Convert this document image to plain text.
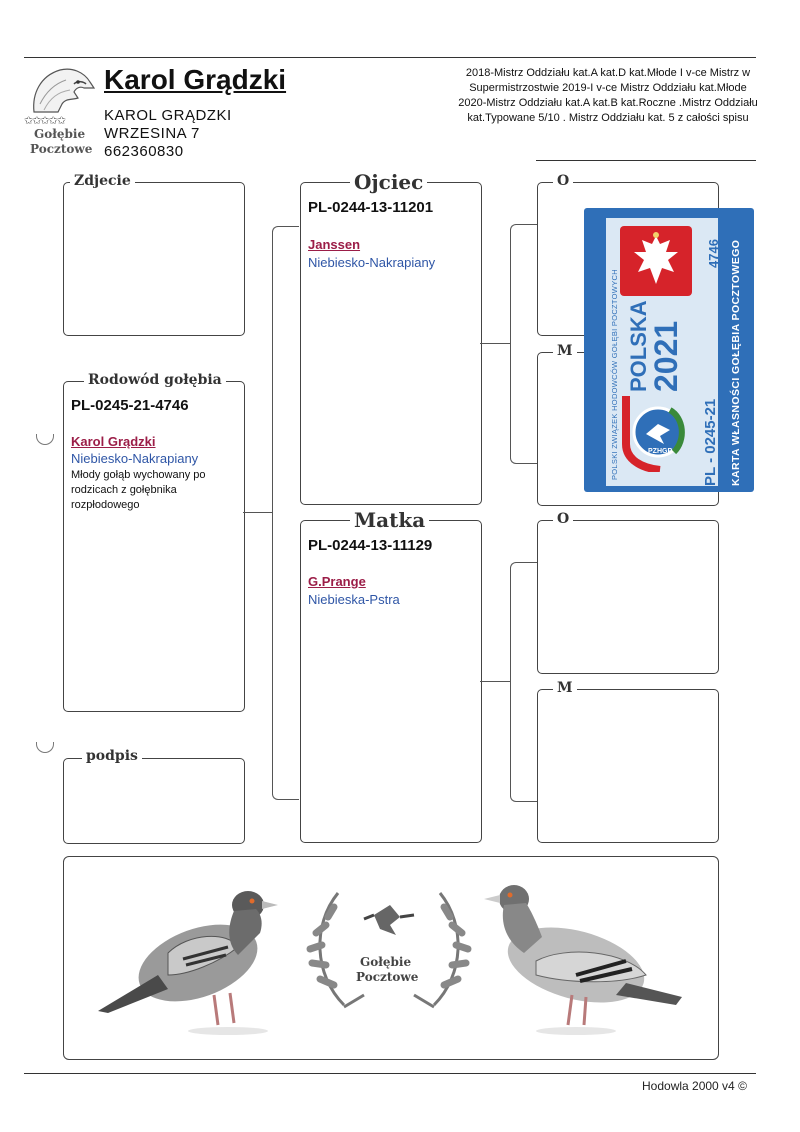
✩✩✩✩✩
Gołębie
Pocztowe
Karol Grądzki
KAROL GRĄDZKI
WRZESINA 7
662360830
2018-Mistrz Oddziału kat.A kat.D kat.Młode I v-ce Mistrz w Supermistrzostwie 2019-I v-ce Mistrz Oddziału kat.Młode 2020-Mistrz Oddziału kat.A kat.B kat.Roczne .Mistrz Oddziału kat.Typowane 5/10 . Mistrz Oddziału kat. 5 z całości spisu
Zdjecie
Rodowód gołębia
PL-0245-21-4746
Karol Grądzki
Niebiesko-Nakrapiany
Młody gołąb wychowany po rodzicach z gołębnika rozpłodowego
podpis
Ojciec
PL-0244-13-11201
Janssen
Niebiesko-Nakrapiany
Matka
PL-0244-13-11129
G.Prange
Niebieska-Pstra
O
M
O
M
POLSKI ZWIĄZEK HODOWCÓW GOŁĘBI POCZTOWYCH POLSKA
2021
4746
PL - 0245-21 KARTA WŁASNOŚCI GOŁĘBIA POCZTOWEGO
PZHGP
Gołębie
Pocztowe
Hodowla 2000 v4 ©
